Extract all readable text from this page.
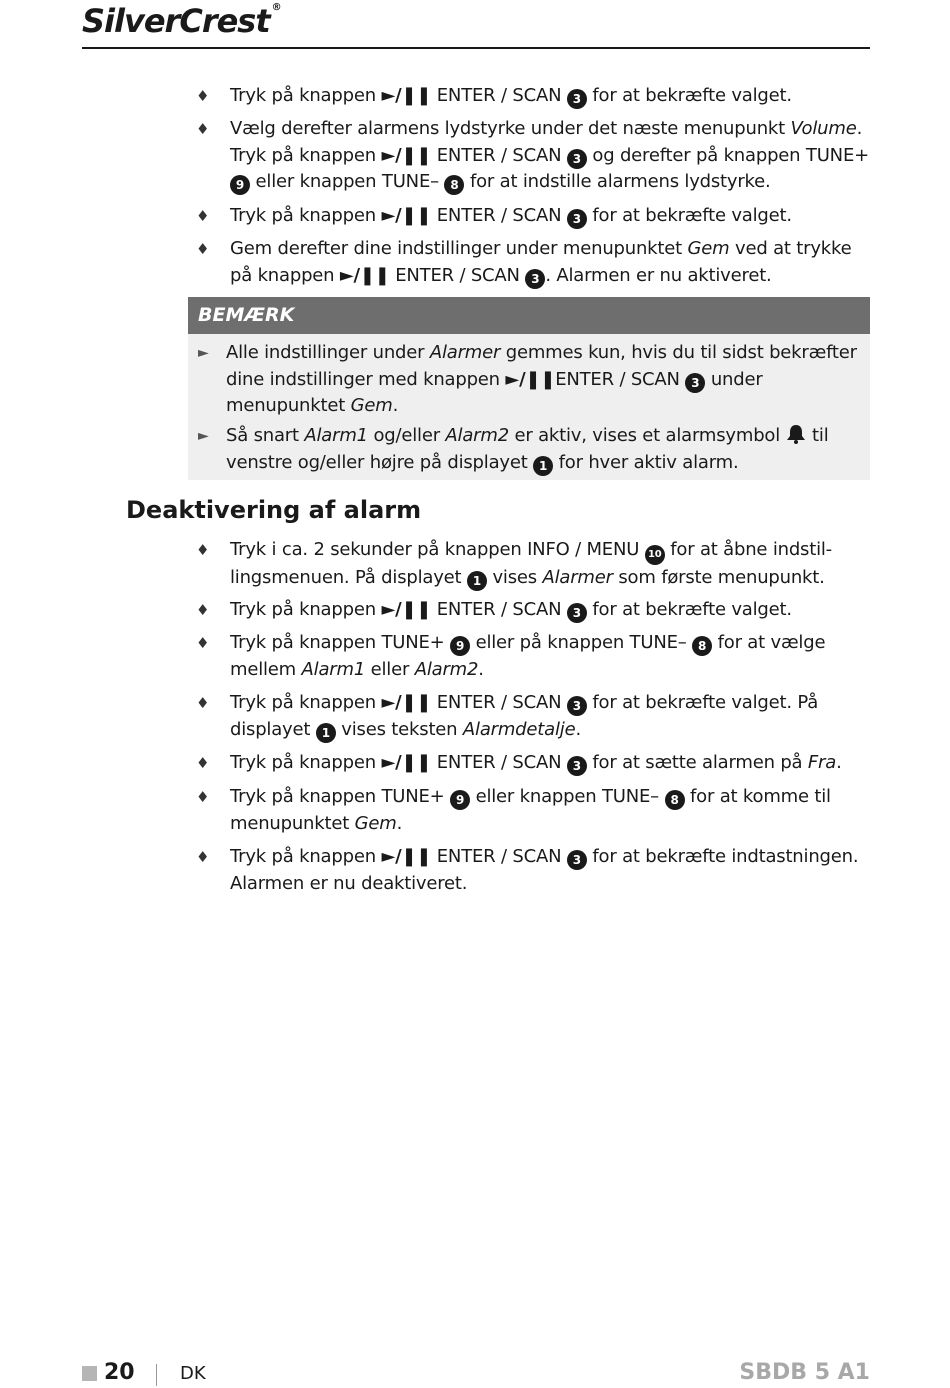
SilverCrest ®
♦ Tryk på knappen ►/❚❚ ENTER / SCAN 3 for at bekræfte valget.
♦ Vælg derefter alarmens lydstyrke under det næste menupunkt Volume. Tryk på knappen ►/❚❚ ENTER / SCAN 3 og derefter på knappen TUNE+ 9 eller knappen TUNE– 8 for at indstille alarmens lydstyrke.
♦ Tryk på knappen ►/❚❚ ENTER / SCAN 3 for at bekræfte valget.
♦ Gem derefter dine indstillinger under menupunktet Gem ved at trykke på knappen ►/❚❚ ENTER / SCAN 3 . Alarmen er nu aktiveret.
BEMÆRK
► Alle indstillinger under Alarmer gemmes kun, hvis du til sidst bekræfter dine indstillinger med knappen ►/❚❚ENTER / SCAN 3 under menupunktet Gem.
► Så snart Alarm1 og/eller Alarm2 er aktiv, vises et alarmsymbol til venstre og/eller højre på displayet 1 for hver aktiv alarm.
Deaktivering af alarm
♦ Tryk i ca. 2 sekunder på knappen INFO / MENU 10 for at åbne indstil-lingsmenuen. På displayet 1 vises Alarmer som første menupunkt.
♦ Tryk på knappen ►/❚❚ ENTER / SCAN 3 for at bekræfte valget.
♦ Tryk på knappen TUNE+ 9 eller på knappen TUNE– 8 for at vælge mellem Alarm1 eller Alarm2.
♦ Tryk på knappen ►/❚❚ ENTER / SCAN 3 for at bekræfte valget. På displayet 1 vises teksten Alarmdetalje.
♦ Tryk på knappen ►/❚❚ ENTER / SCAN 3 for at sætte alarmen på Fra.
♦ Tryk på knappen TUNE+ 9 eller knappen TUNE– 8 for at komme til menupunktet Gem.
♦ Tryk på knappen ►/❚❚ ENTER / SCAN 3 for at bekræfte indtastningen. Alarmen er nu deaktiveret.
20	DK	SBDB 5 A1
